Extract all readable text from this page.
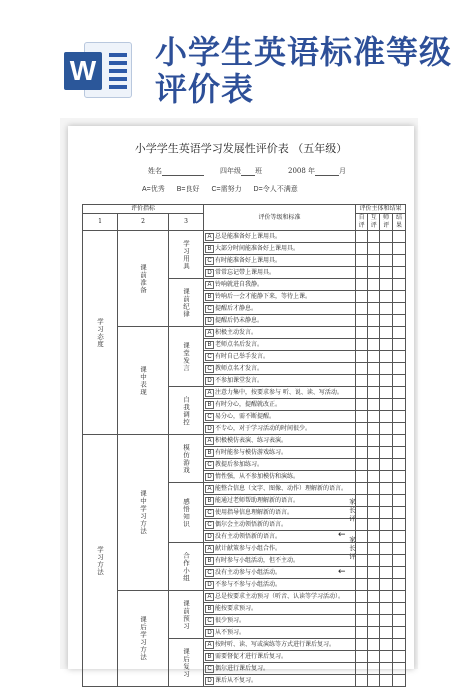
W 小学生英语标准等级评价表
小学学生英语学习发展性评价表 （五年级）
姓名	四年级 班	2008 年	月
A=优秀 B=良好 C=需努力 D=令人不满意
评价指标			评价等级和标准	评价主体和结果			
1	2	3		自评	互评	师评	结果
学习态度	课前准备	学习用具	A 总是能准备好上课用具。				
			B 大部分时间能准备好上课用具。				
			C 有时能准备好上课用具。				
			D 常常忘记带上课用具。				
		课前纪律	A 铃响就进自我静。				
			B 铃响后一会才能静下来，等待上课。				
			C 提醒后才静息。				
			D 提醒后仍未静息。				
	课中表现	课堂发言	A 积极主动发言。				
			B 老师点名后发言。				
			C 有时自己举手发言。				
			C 教师点名才发言。				
			D 不参加课堂发言。				
		自我调控	A 注意力集中，按要求参与 听、说、读、写活动。				
			B 有时分心，提醒就改正。				
			C 易分心，需不断提醒。				
			D 不专心，对于学习活动的时间很少。				
学习方法	课中学习方法	模仿游戏	A 积极模仿表演、练习表演。				
			B 有时能参与模仿游戏练习。				
			C 教提后参加练习。				
			D 惰性强，从不参加模仿和演练。				
		感悟知识	A 能整合信息（文字、图像、动作）理解新的语言。				
			B 能通过老师帮助理解新的语言。				
			C 使用指导信息理解新的语言。				
			C 偶尔会主动领悟新的语言。				
			D 没有主动领悟新的语言。				
		合作小组	A 献计献策参与小组合作。				
			B 有时参与小组活动，但不主动。				
			C 没有主动参与小组活动。				
			D 不参与不参与小组活动。				
	课后学习方法	课前预习	A 总是按要求主动预习（听音、认读等学习活动）。				
			B 能按要求预习。				
			C 很少预习。				
			D 从不预习。				
		课后复习	A 按时听、读、写或演练等方式进行课后复习。				
			B 需要督促才进行课后复习。				
			C 偶尔进行课后复习。				
			D 课后从不复习。				
家长评
家长评
←
←
